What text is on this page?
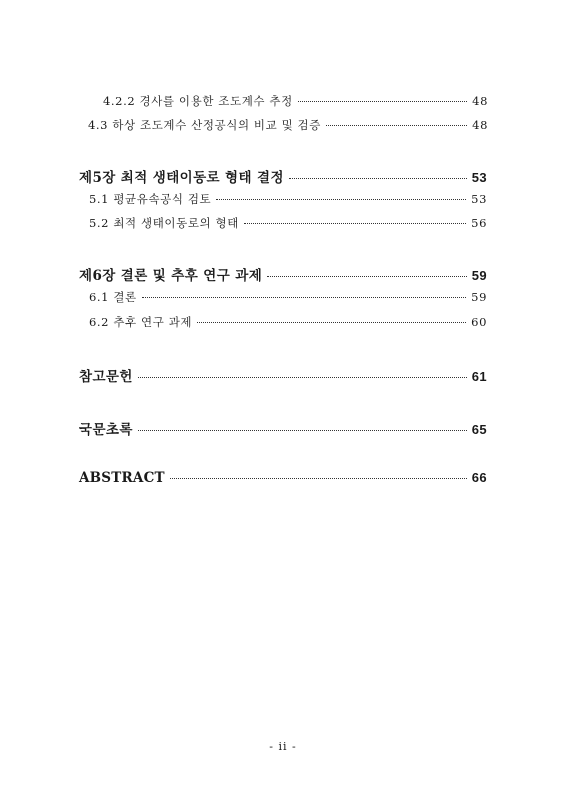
4.2.2 경사를 이용한 조도계수 추정	48
4.3 하상 조도계수 산정공식의 비교 및 검증	48
제5장 최적 생태이동로 형태 결정	53
5.1 평균유속공식 검토	53
5.2 최적 생태이동로의 형태	56
제6장 결론 및 추후 연구 과제	59
6.1 결론	59
6.2 추후 연구 과제	60
참고문헌	61
국문초록	65
ABSTRACT	66
- ii -
